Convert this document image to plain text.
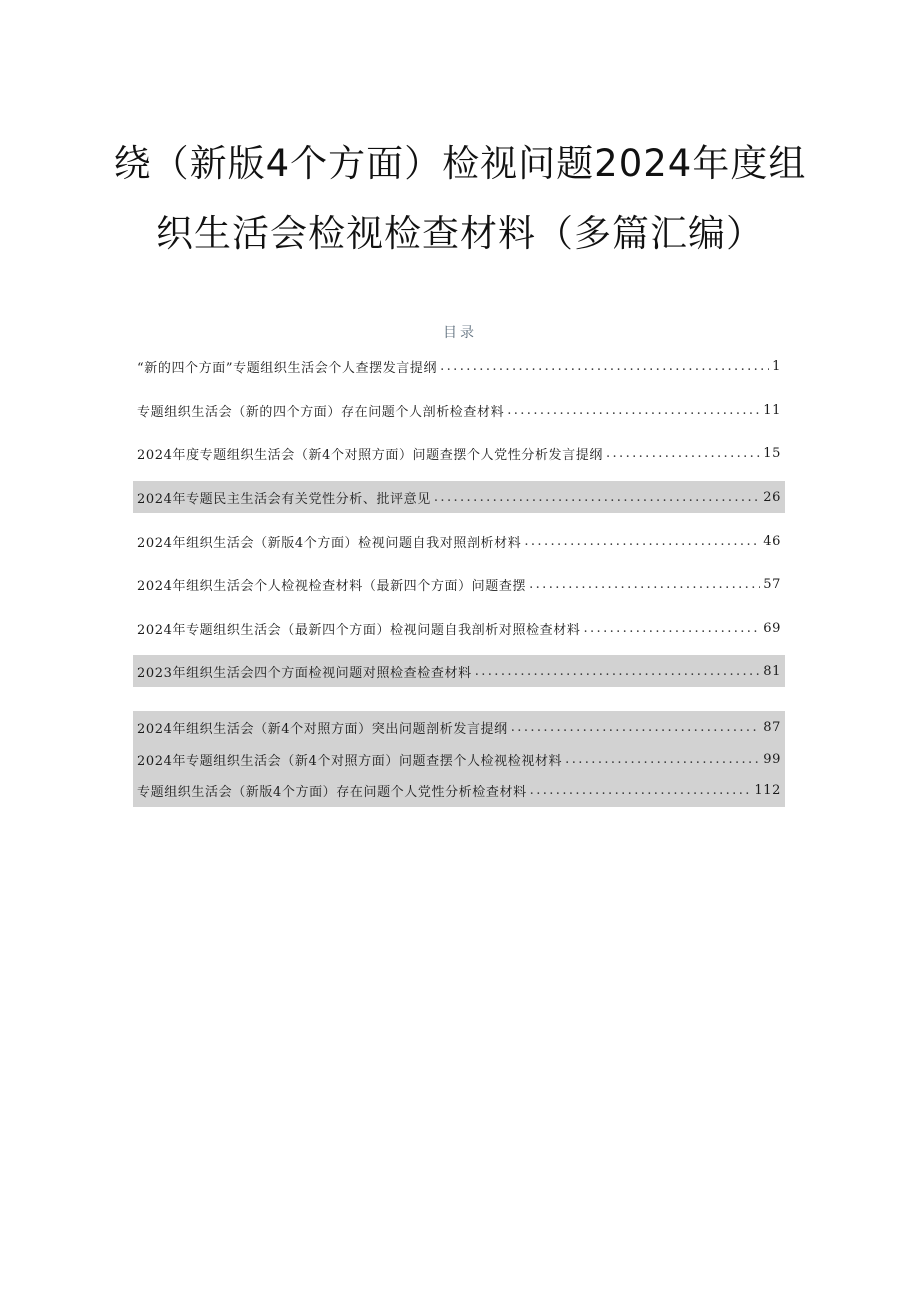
绕（新版4个方面）检视问题2024年度组
织生活会检视检查材料（多篇汇编）
目录
“新的四个方面”专题组织生活会个人查摆发言提纲 .....	1
专题组织生活会（新的四个方面）存在问题个人剖析检查材料 .....	11
2024年度专题组织生活会（新4个对照方面）问题查摆个人党性分析发言提纲 .....	15
2024年专题民主生活会有关党性分析、批评意见 .....	26
2024年组织生活会（新版4个方面）检视问题自我对照剖析材料 .....	46
2024年组织生活会个人检视检查材料（最新四个方面）问题查摆 .....	57
2024年专题组织生活会（最新四个方面）检视问题自我剖析对照检查材料 .....	69
2023年组织生活会四个方面检视问题对照检查检查材料 .....	81
2024年组织生活会（新4个对照方面）突出问题剖析发言提纲 .....	87
2024年专题组织生活会（新4个对照方面）问题查摆个人检视检视材料 .....	99
专题组织生活会（新版4个方面）存在问题个人党性分析检查材料 .....	112
